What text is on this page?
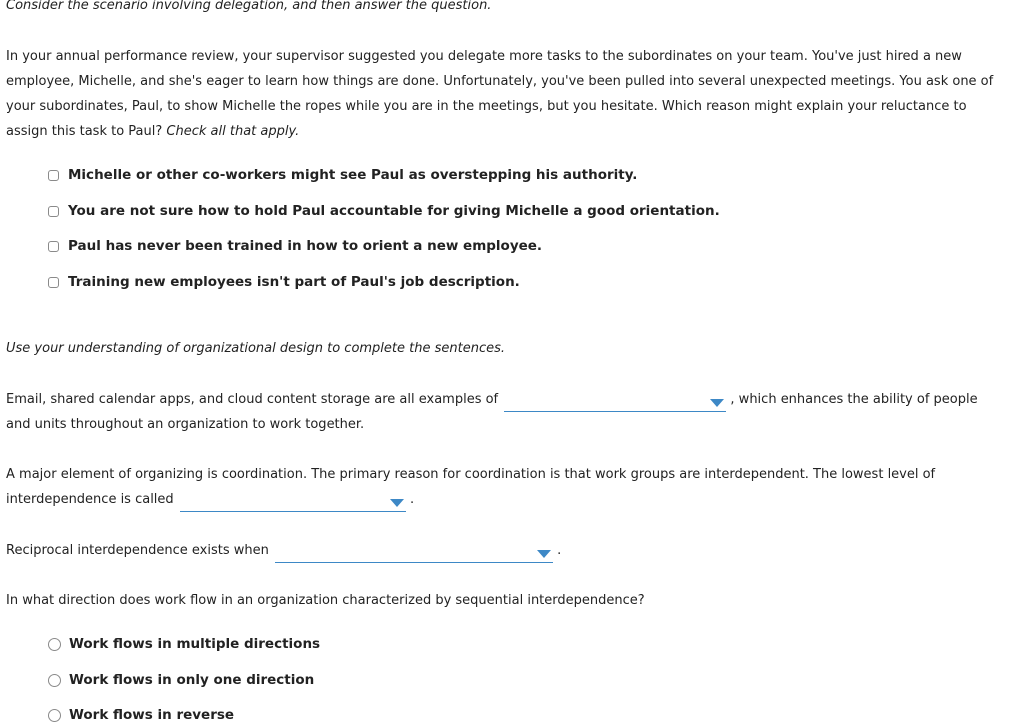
Consider the scenario involving delegation, and then answer the question.
In your annual performance review, your supervisor suggested you delegate more tasks to the subordinates on your team. You've just hired a new employee, Michelle, and she's eager to learn how things are done. Unfortunately, you've been pulled into several unexpected meetings. You ask one of your subordinates, Paul, to show Michelle the ropes while you are in the meetings, but you hesitate. Which reason might explain your reluctance to assign this task to Paul? Check all that apply.
Michelle or other co-workers might see Paul as overstepping his authority.
You are not sure how to hold Paul accountable for giving Michelle a good orientation.
Paul has never been trained in how to orient a new employee.
Training new employees isn't part of Paul's job description.
Use your understanding of organizational design to complete the sentences.
Email, shared calendar apps, and cloud content storage are all examples of	, which enhances the ability of people
and units throughout an organization to work together.
A major element of organizing is coordination. The primary reason for coordination is that work groups are interdependent. The lowest level of
interdependence is called	.
Reciprocal interdependence exists when	.
In what direction does work flow in an organization characterized by sequential interdependence?
Work flows in multiple directions
Work flows in only one direction
Work flows in reverse
